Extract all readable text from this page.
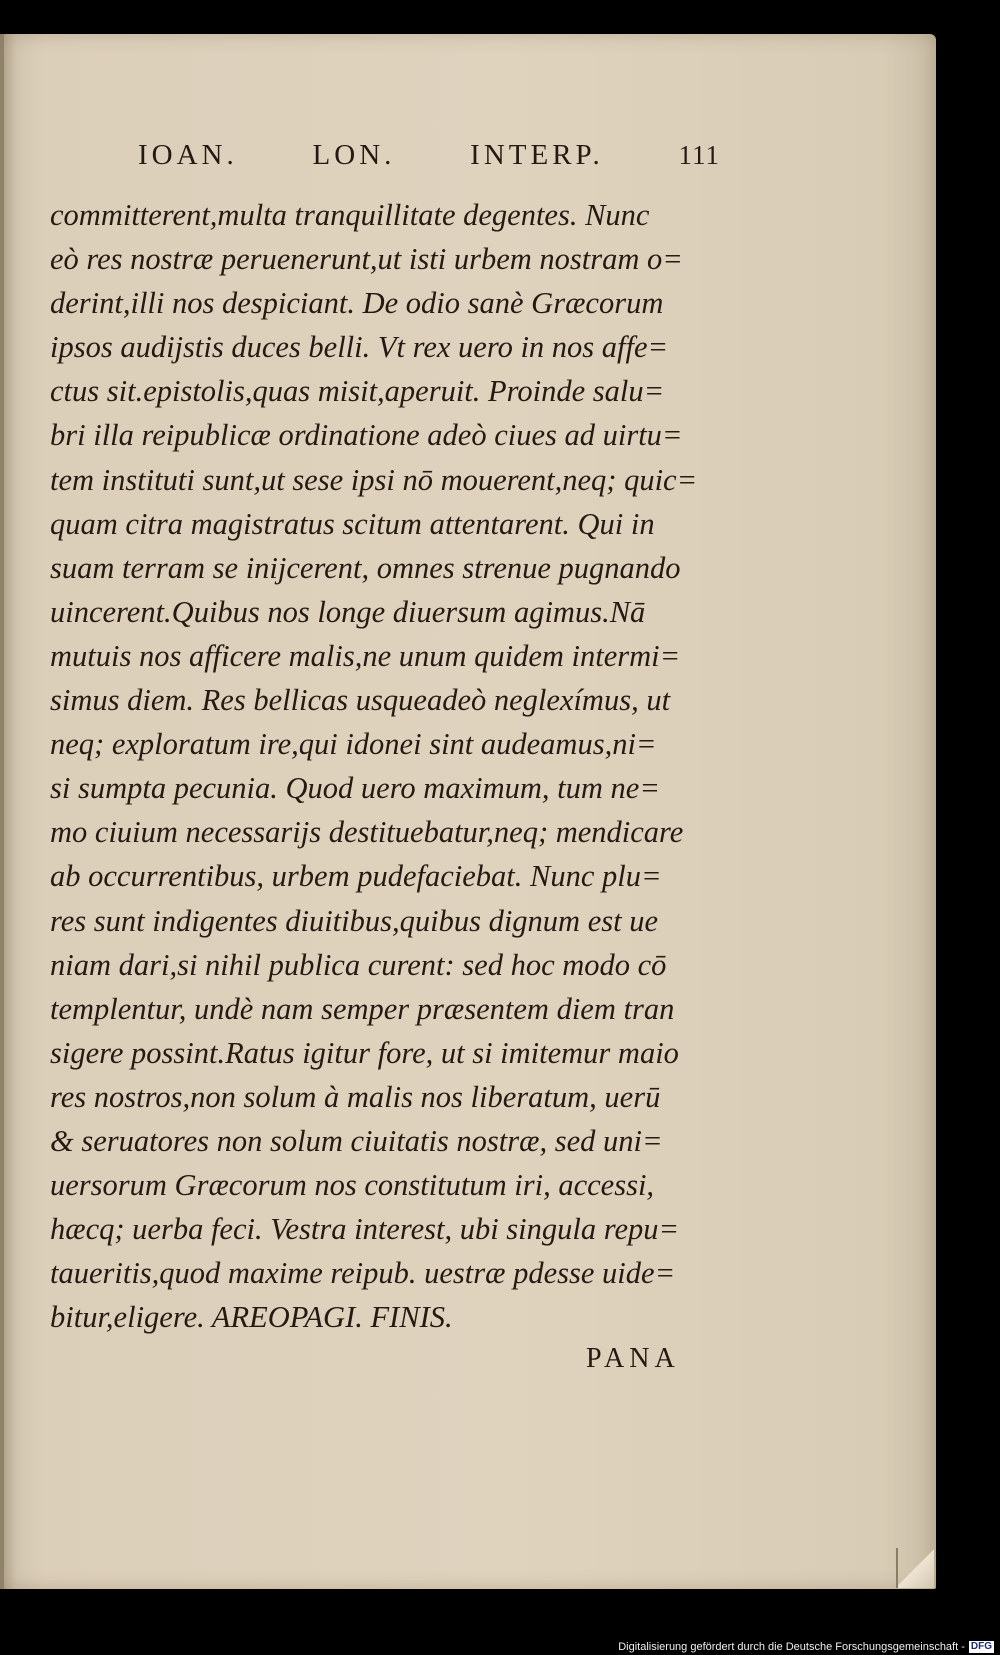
IOAN.	LON.	INTERP.	111
committerent,multa tranquillitate degentes. Nunc
eò res nostræ peruenerunt,ut isti urbem nostram o=
derint,illi nos despiciant. De odio sanè Græcorum
ipsos audijstis duces belli. Vt rex uero in nos affe=
ctus sit.epistolis,quas misit,aperuit. Proinde salu=
bri illa reipublicæ ordinatione adeò ciues ad uirtu=
tem instituti sunt,ut sese ipsi nō mouerent,neq; quic=
quam citra magistratus scitum attentarent. Qui in
suam terram se inijcerent, omnes strenue pugnando
uincerent.Quibus nos longe diuersum agimus.Nā
mutuis nos afficere malis,ne unum quidem intermi=
simus diem. Res bellicas usqueadeò neglexímus, ut
neq; exploratum ire,qui idonei sint audeamus,ni=
si sumpta pecunia. Quod uero maximum, tum ne=
mo ciuium necessarijs destituebatur,neq; mendicare
ab occurrentibus, urbem pudefaciebat. Nunc plu=
res sunt indigentes diuitibus,quibus dignum est ue
niam dari,si nihil publica curent: sed hoc modo cō
templentur, undè nam semper præsentem diem tran
sigere possint.Ratus igitur fore, ut si imitemur maio
res nostros,non solum à malis nos liberatum, uerū
& seruatores non solum ciuitatis nostræ, sed uni=
uersorum Græcorum nos constitutum iri, accessi,
hæcq; uerba feci. Vestra interest, ubi singula repu=
taueritis,quod maxime reipub. uestræ pdesse uide=
bitur,eligere. AREOPAGI. FINIS.
PANA
Digitalisierung gefördert durch die Deutsche Forschungsgemeinschaft - DFG
